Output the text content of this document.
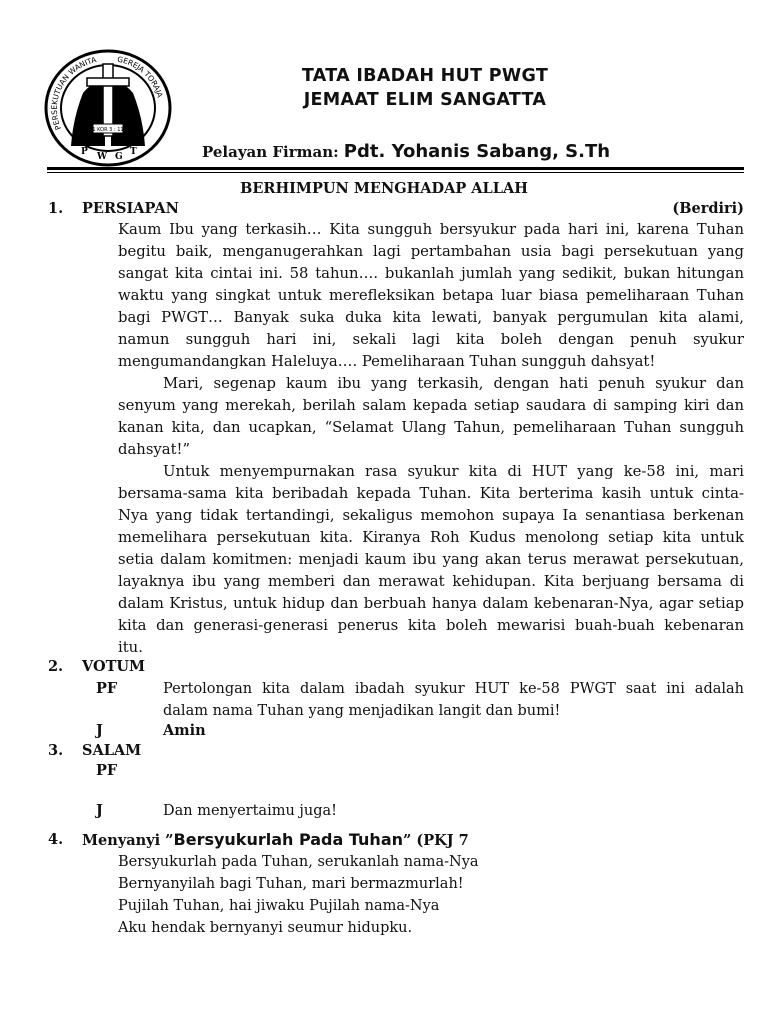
PERSEKUTUAN WANITA	GEREJA TORAJA
1 KOR 3 : 11
P W G T
TATA IBADAH HUT PWGT
JEMAAT ELIM SANGATTA
Pelayan Firman: Pdt. Yohanis Sabang, S.Th
BERHIMPUN MENGHADAP ALLAH
1. PERSIAPAN	(Berdiri)
Kaum Ibu yang terkasih… Kita sungguh bersyukur pada hari ini, karena Tuhan
begitu baik, menganugerahkan lagi pertambahan usia bagi persekutuan yang
sangat kita cintai ini. 58 tahun…. bukanlah jumlah yang sedikit, bukan hitungan
waktu yang singkat untuk merefleksikan betapa luar biasa pemeliharaan Tuhan
bagi PWGT… Banyak suka duka kita lewati, banyak pergumulan kita alami,
namun sungguh hari ini, sekali lagi kita boleh dengan penuh syukur
mengumandangkan Haleluya…. Pemeliharaan Tuhan sungguh dahsyat!
Mari, segenap kaum ibu yang terkasih, dengan hati penuh syukur dan
senyum yang merekah, berilah salam kepada setiap saudara di samping kiri dan
kanan kita, dan ucapkan, “Selamat Ulang Tahun, pemeliharaan Tuhan sungguh
dahsyat!”
Untuk menyempurnakan rasa syukur kita di HUT yang ke-58 ini, mari
bersama-sama kita beribadah kepada Tuhan. Kita berterima kasih untuk cinta-
Nya yang tidak tertandingi, sekaligus memohon supaya Ia senantiasa berkenan
memelihara persekutuan kita. Kiranya Roh Kudus menolong setiap kita untuk
setia dalam komitmen: menjadi kaum ibu yang akan terus merawat persekutuan,
layaknya ibu yang memberi dan merawat kehidupan. Kita berjuang bersama di
dalam Kristus, untuk hidup dan berbuah hanya dalam kebenaran-Nya, agar setiap
kita dan generasi-generasi penerus kita boleh mewarisi buah-buah kebenaran
itu.
2. VOTUM
PF	Pertolongan kita dalam ibadah syukur HUT ke-58 PWGT saat ini adalah
dalam nama Tuhan yang menjadikan langit dan bumi!
J	Amin
3. SALAM
PF
J	Dan menyertaimu juga!
4. Menyanyi ”Bersyukurlah Pada Tuhan” (PKJ 7
Bersyukurlah pada Tuhan, serukanlah nama-Nya
Bernyanyilah bagi Tuhan, mari bermazmurlah!
Pujilah Tuhan, hai jiwaku Pujilah nama-Nya
Aku hendak bernyanyi seumur hidupku.
